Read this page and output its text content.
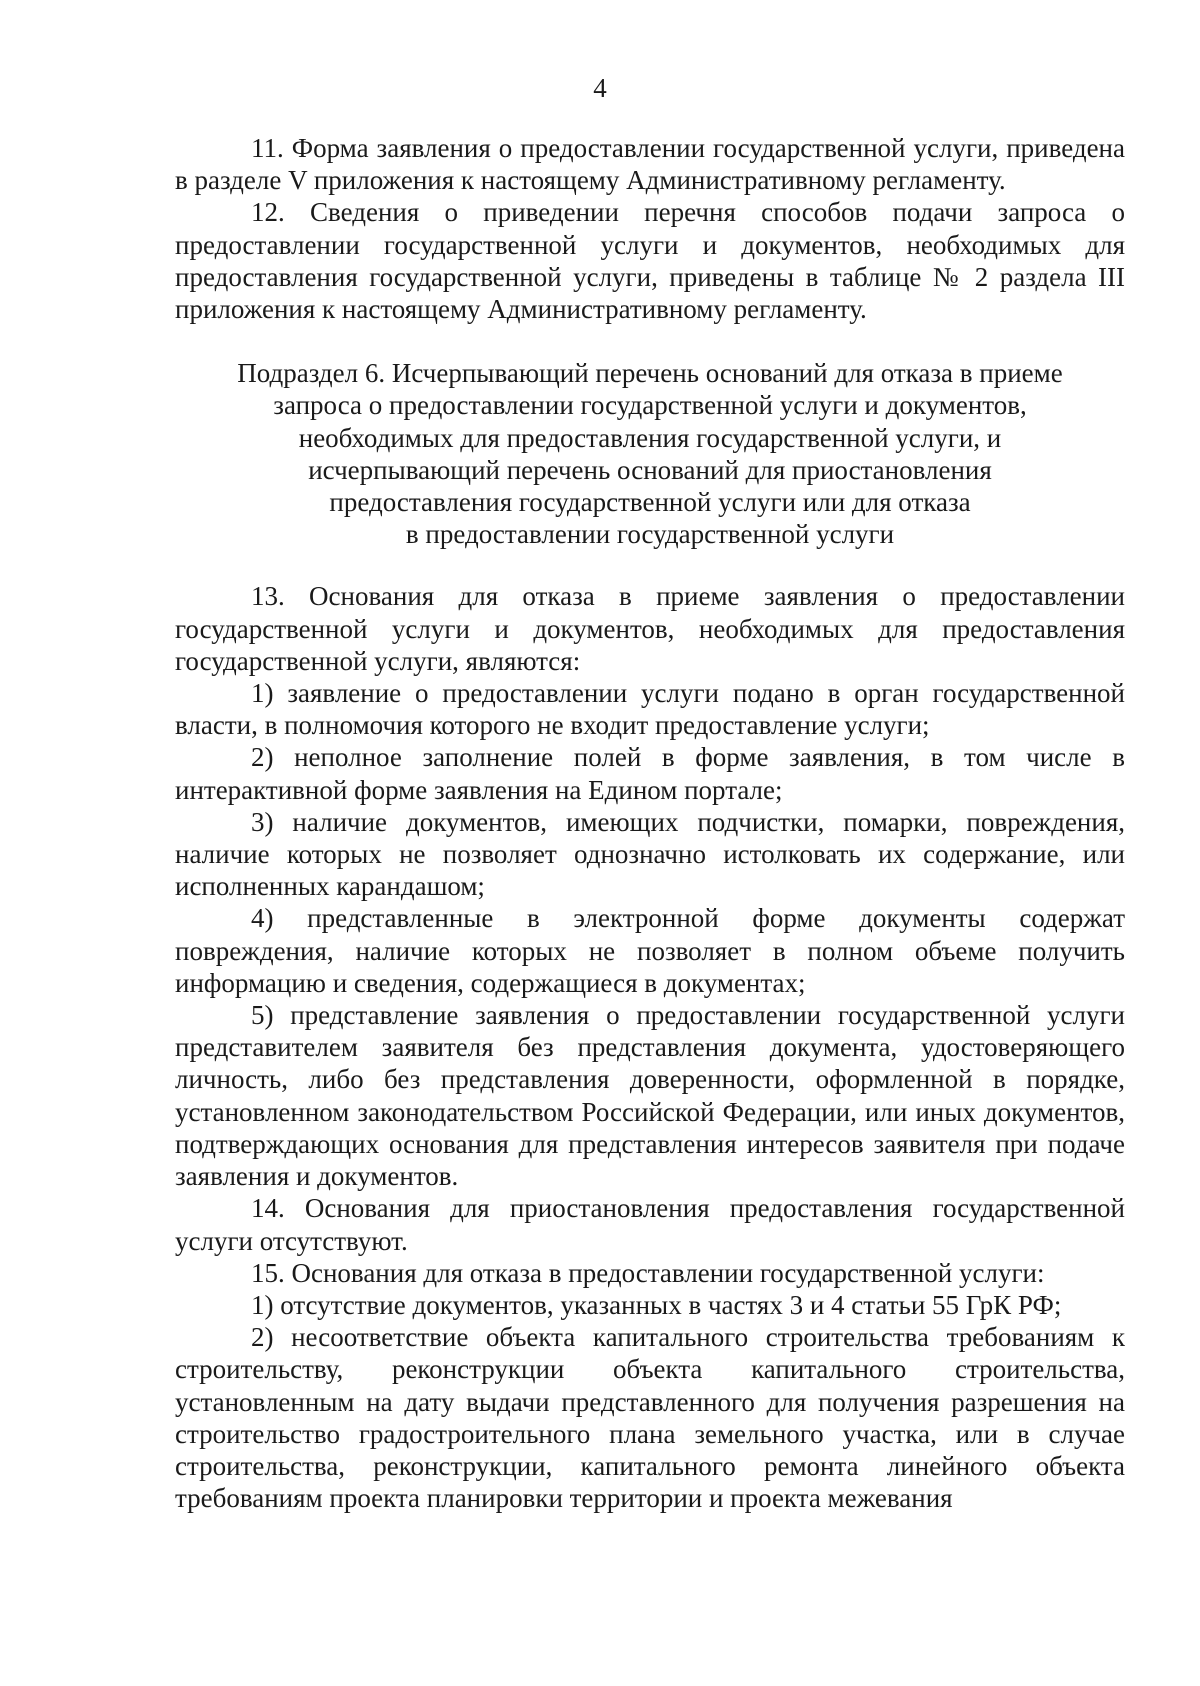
4

11. Форма заявления о предоставлении государственной услуги, приведена в разделе V приложения к настоящему Административному регламенту.

12. Сведения о приведении перечня способов подачи запроса о предоставлении государственной услуги и документов, необходимых для предоставления государственной услуги, приведены в таблице № 2 раздела III приложения к настоящему Административному регламенту.

Подраздел 6. Исчерпывающий перечень оснований для отказа в приеме
запроса о предоставлении государственной услуги и документов,
необходимых для предоставления государственной услуги, и
исчерпывающий перечень оснований для приостановления
предоставления государственной услуги или для отказа
в предоставлении государственной услуги

13. Основания для отказа в приеме заявления о предоставлении государственной услуги и документов, необходимых для предоставления государственной услуги, являются:

1) заявление о предоставлении услуги подано в орган государственной власти, в полномочия которого не входит предоставление услуги;

2) неполное заполнение полей в форме заявления, в том числе в интерактивной форме заявления на Едином портале;

3) наличие документов, имеющих подчистки, помарки, повреждения, наличие которых не позволяет однозначно истолковать их содержание, или исполненных карандашом;

4) представленные в электронной форме документы содержат повреждения, наличие которых не позволяет в полном объеме получить информацию и сведения, содержащиеся в документах;

5) представление заявления о предоставлении государственной услуги представителем заявителя без представления документа, удостоверяющего личность, либо без представления доверенности, оформленной в порядке, установленном законодательством Российской Федерации, или иных документов, подтверждающих основания для представления интересов заявителя при подаче заявления и документов.

14. Основания для приостановления предоставления государственной услуги отсутствуют.

15. Основания для отказа в предоставлении государственной услуги:

1) отсутствие документов, указанных в частях 3 и 4 статьи 55 ГрК РФ;

2) несоответствие объекта капитального строительства требованиям к строительству, реконструкции объекта капитального строительства, установленным на дату выдачи представленного для получения разрешения на строительство градостроительного плана земельного участка, или в случае строительства, реконструкции, капитального ремонта линейного объекта требованиям проекта планировки территории и проекта межевания
